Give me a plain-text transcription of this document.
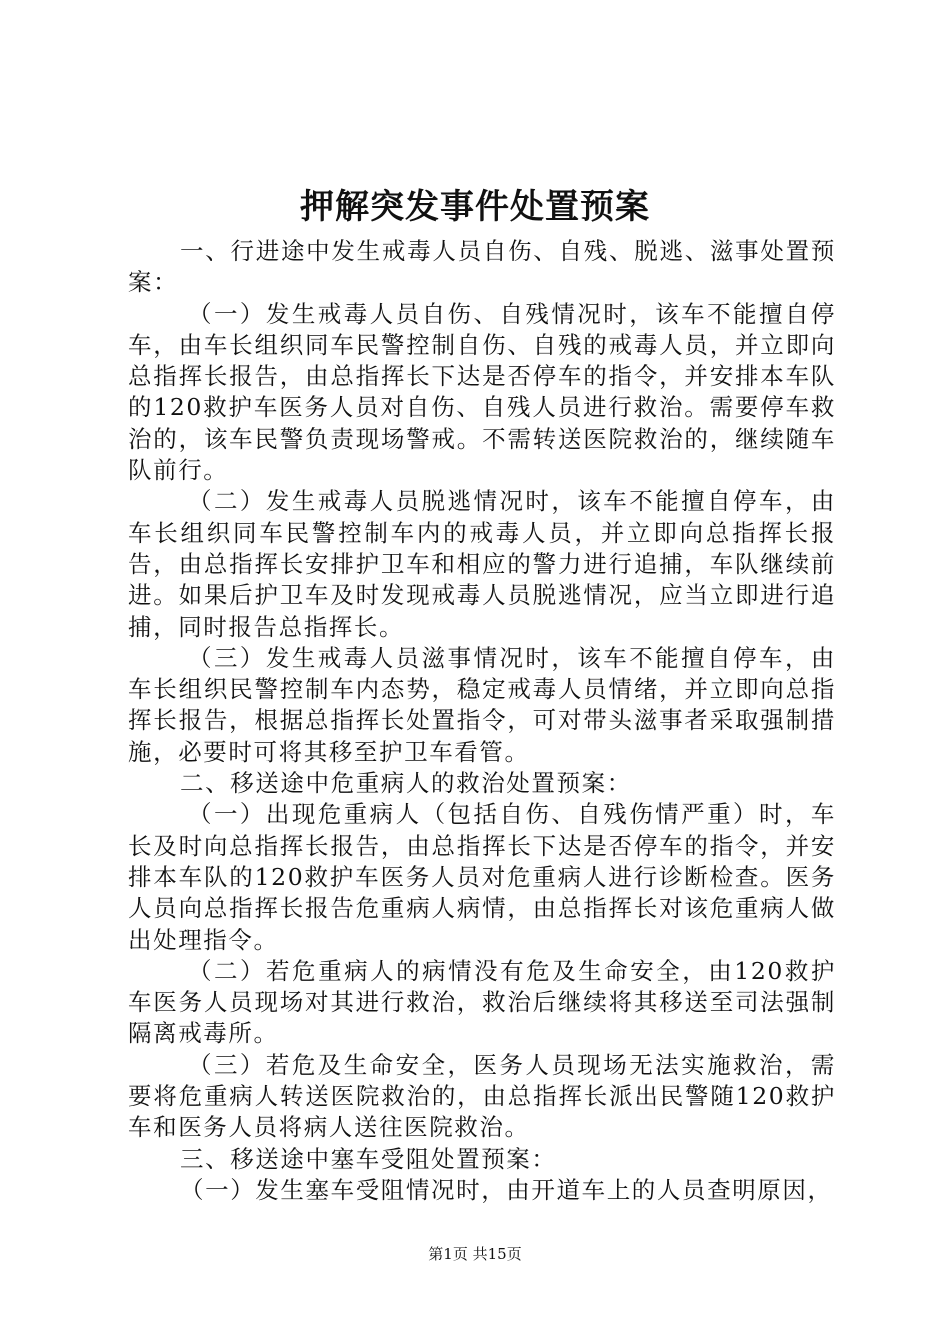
押解突发事件处置预案

一、行进途中发生戒毒人员自伤、自残、脱逃、滋事处置预案：

（一）发生戒毒人员自伤、自残情况时，该车不能擅自停车，由车长组织同车民警控制自伤、自残的戒毒人员，并立即向总指挥长报告，由总指挥长下达是否停车的指令，并安排本车队的120救护车医务人员对自伤、自残人员进行救治。需要停车救治的，该车民警负责现场警戒。不需转送医院救治的，继续随车队前行。

（二）发生戒毒人员脱逃情况时，该车不能擅自停车，由车长组织同车民警控制车内的戒毒人员，并立即向总指挥长报告，由总指挥长安排护卫车和相应的警力进行追捕，车队继续前进。如果后护卫车及时发现戒毒人员脱逃情况，应当立即进行追捕，同时报告总指挥长。

（三）发生戒毒人员滋事情况时，该车不能擅自停车，由车长组织民警控制车内态势，稳定戒毒人员情绪，并立即向总指挥长报告，根据总指挥长处置指令，可对带头滋事者采取强制措施，必要时可将其移至护卫车看管。

二、移送途中危重病人的救治处置预案：

（一）出现危重病人（包括自伤、自残伤情严重）时，车长及时向总指挥长报告，由总指挥长下达是否停车的指令，并安排本车队的120救护车医务人员对危重病人进行诊断检查。医务人员向总指挥长报告危重病人病情，由总指挥长对该危重病人做出处理指令。

（二）若危重病人的病情没有危及生命安全，由120救护车医务人员现场对其进行救治，救治后继续将其移送至司法强制隔离戒毒所。

（三）若危及生命安全，医务人员现场无法实施救治，需要将危重病人转送医院救治的，由总指挥长派出民警随120救护车和医务人员将病人送往医院救治。

三、移送途中塞车受阻处置预案：

（一）发生塞车受阻情况时，由开道车上的人员查明原因，

第1页 共15页
